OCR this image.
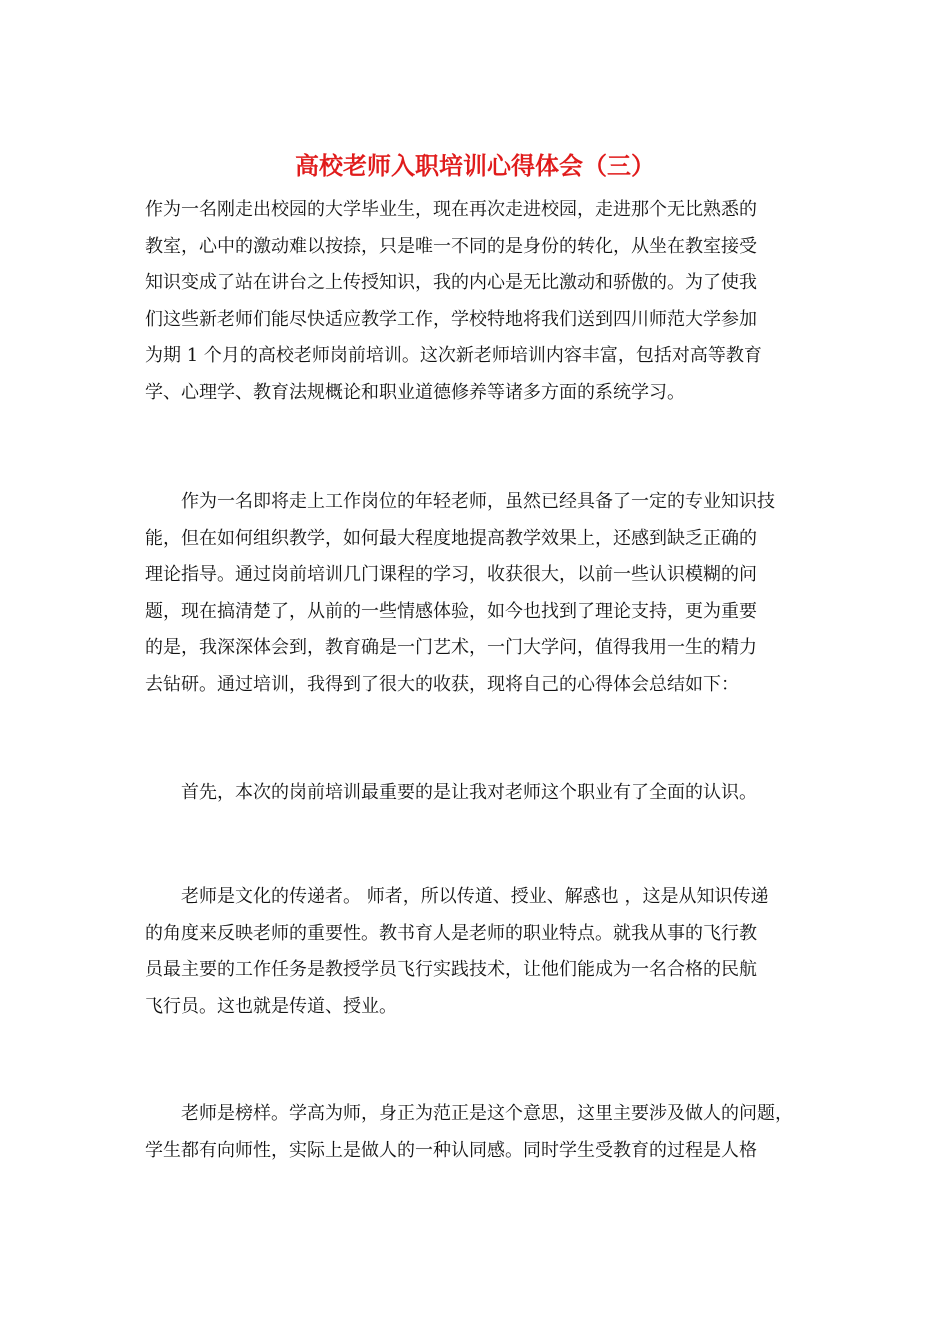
高校老师入职培训心得体会（三）
作为一名刚走出校园的大学毕业生，现在再次走进校园，走进那个无比熟悉的
教室，心中的激动难以按捺，只是唯一不同的是身份的转化，从坐在教室接受
知识变成了站在讲台之上传授知识，我的内心是无比激动和骄傲的。为了使我
们这些新老师们能尽快适应教学工作，学校特地将我们送到四川师范大学参加
为期 1 个月的高校老师岗前培训。这次新老师培训内容丰富，包括对高等教育
学、心理学、教育法规概论和职业道德修养等诸多方面的系统学习。
　　作为一名即将走上工作岗位的年轻老师，虽然已经具备了一定的专业知识技
能，但在如何组织教学，如何最大程度地提高教学效果上，还感到缺乏正确的
理论指导。通过岗前培训几门课程的学习，收获很大，以前一些认识模糊的问
题，现在搞清楚了，从前的一些情感体验，如今也找到了理论支持，更为重要
的是，我深深体会到，教育确是一门艺术，一门大学问，值得我用一生的精力
去钻研。通过培训，我得到了很大的收获，现将自己的心得体会总结如下：
　　首先，本次的岗前培训最重要的是让我对老师这个职业有了全面的认识。
　　老师是文化的传递者。 师者，所以传道、授业、解惑也 ，这是从知识传递
的角度来反映老师的重要性。教书育人是老师的职业特点。就我从事的飞行教
员最主要的工作任务是教授学员飞行实践技术，让他们能成为一名合格的民航
飞行员。这也就是传道、授业。
　　老师是榜样。学高为师，身正为范正是这个意思，这里主要涉及做人的问题，
学生都有向师性，实际上是做人的一种认同感。同时学生受教育的过程是人格
